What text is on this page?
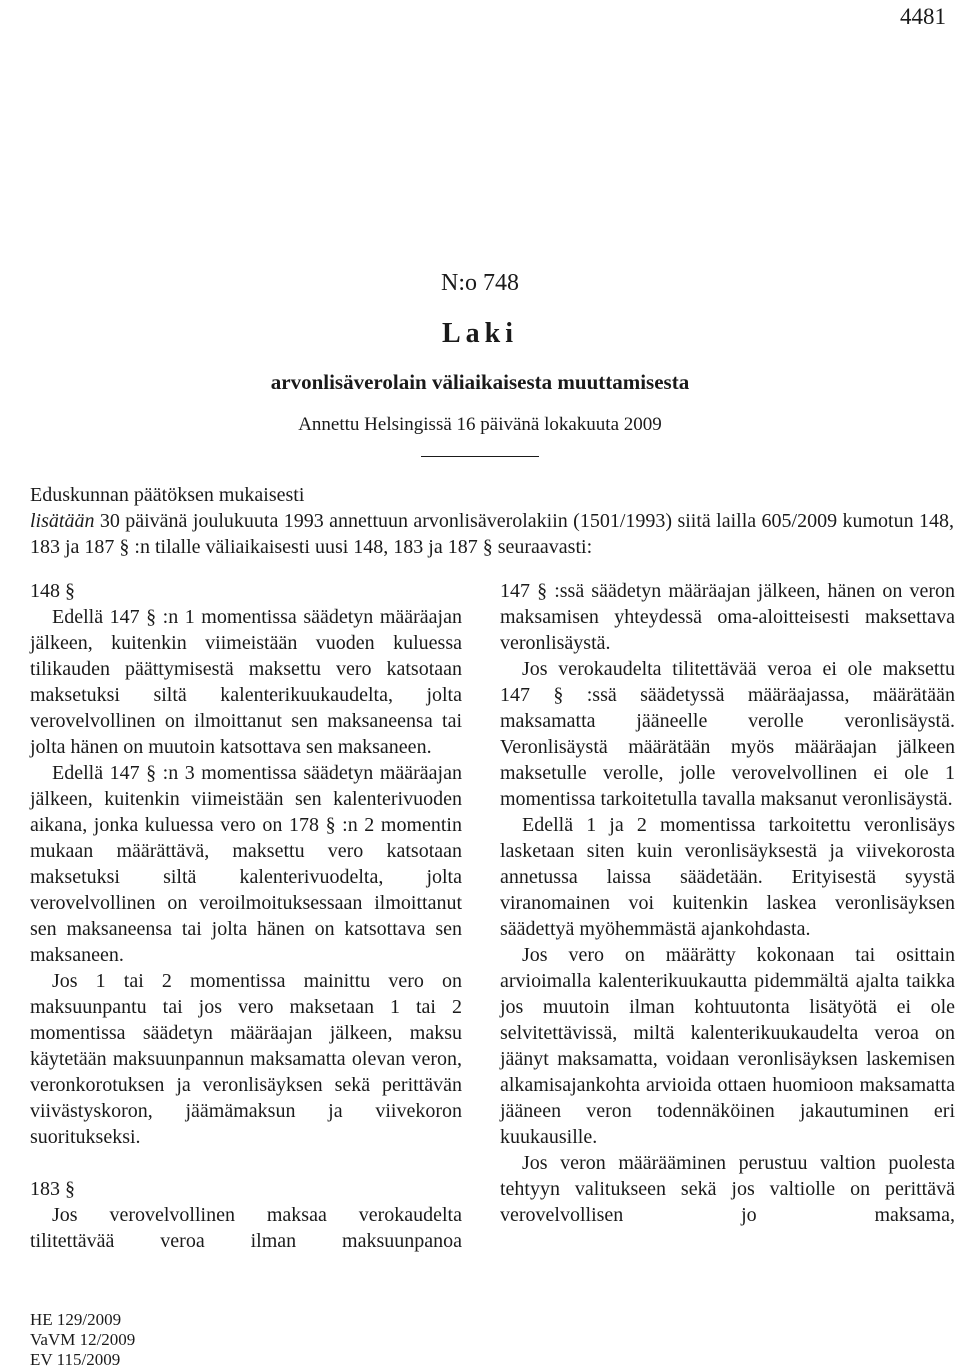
4481
N:o 748
Laki
arvonlisäverolain väliaikaisesta muuttamisesta
Annettu Helsingissä 16 päivänä lokakuuta 2009

Eduskunnan päätöksen mukaisesti

lisätään 30 päivänä joulukuuta 1993 annettuun arvonlisäverolakiin (1501/1993) siitä lailla 605/2009 kumotun 148, 183 ja 187 § :n tilalle väliaikaisesti uusi 148, 183 ja 187 § seuraavasti:

148 §

Edellä 147 § :n 1 momentissa säädetyn määräajan jälkeen, kuitenkin viimeistään vuoden kuluessa tilikauden päättymisestä maksettu vero katsotaan maksetuksi siltä kalenterikuukaudelta, jolta verovelvollinen on ilmoittanut sen maksaneensa tai jolta hänen on muutoin katsottava sen maksaneen.

Edellä 147 § :n 3 momentissa säädetyn määräajan jälkeen, kuitenkin viimeistään sen kalenterivuoden aikana, jonka kuluessa vero on 178 § :n 2 momentin mukaan määrättävä, maksettu vero katsotaan maksetuksi siltä kalenterivuodelta, jolta verovelvollinen on veroilmoituksessaan ilmoittanut sen maksaneensa tai jolta hänen on katsottava sen maksaneen.

Jos 1 tai 2 momentissa mainittu vero on maksuunpantu tai jos vero maksetaan 1 tai 2 momentissa säädetyn määräajan jälkeen, maksu käytetään maksuunpannun maksamatta olevan veron, veronkorotuksen ja veronlisäyksen sekä perittävän viivästyskoron, jäämämaksun ja viivekoron suoritukseksi.

183 §

Jos verovelvollinen maksaa verokaudelta tilitettävää veroa ilman maksuunpanoa

147 § :ssä säädetyn määräajan jälkeen, hänen on veron maksamisen yhteydessä oma-aloitteisesti maksettava veronlisäystä.

Jos verokaudelta tilitettävää veroa ei ole maksettu 147 § :ssä säädetyssä määräajassa, määrätään maksamatta jääneelle verolle veronlisäystä. Veronlisäystä määrätään myös määräajan jälkeen maksetulle verolle, jolle verovelvollinen ei ole 1 momentissa tarkoitetulla tavalla maksanut veronlisäystä.

Edellä 1 ja 2 momentissa tarkoitettu veronlisäys lasketaan siten kuin veronlisäyksestä ja viivekorosta annetussa laissa säädetään. Erityisestä syystä viranomainen voi kuitenkin laskea veronlisäyksen säädettyä myöhemmästä ajankohdasta.

Jos vero on määrätty kokonaan tai osittain arvioimalla kalenterikuukautta pidemmältä ajalta taikka jos muutoin ilman kohtuutonta lisätyötä ei ole selvitettävissä, miltä kalenterikuukaudelta veroa on jäänyt maksamatta, voidaan veronlisäyksen laskemisen alkamisajankohta arvioida ottaen huomioon maksamatta jääneen veron todennäköinen jakautuminen eri kuukausille.

Jos veron määrääminen perustuu valtion puolesta tehtyyn valitukseen sekä jos valtiolle on perittävä verovelvollisen jo maksama,

HE 129/2009
VaVM 12/2009
EV 115/2009
